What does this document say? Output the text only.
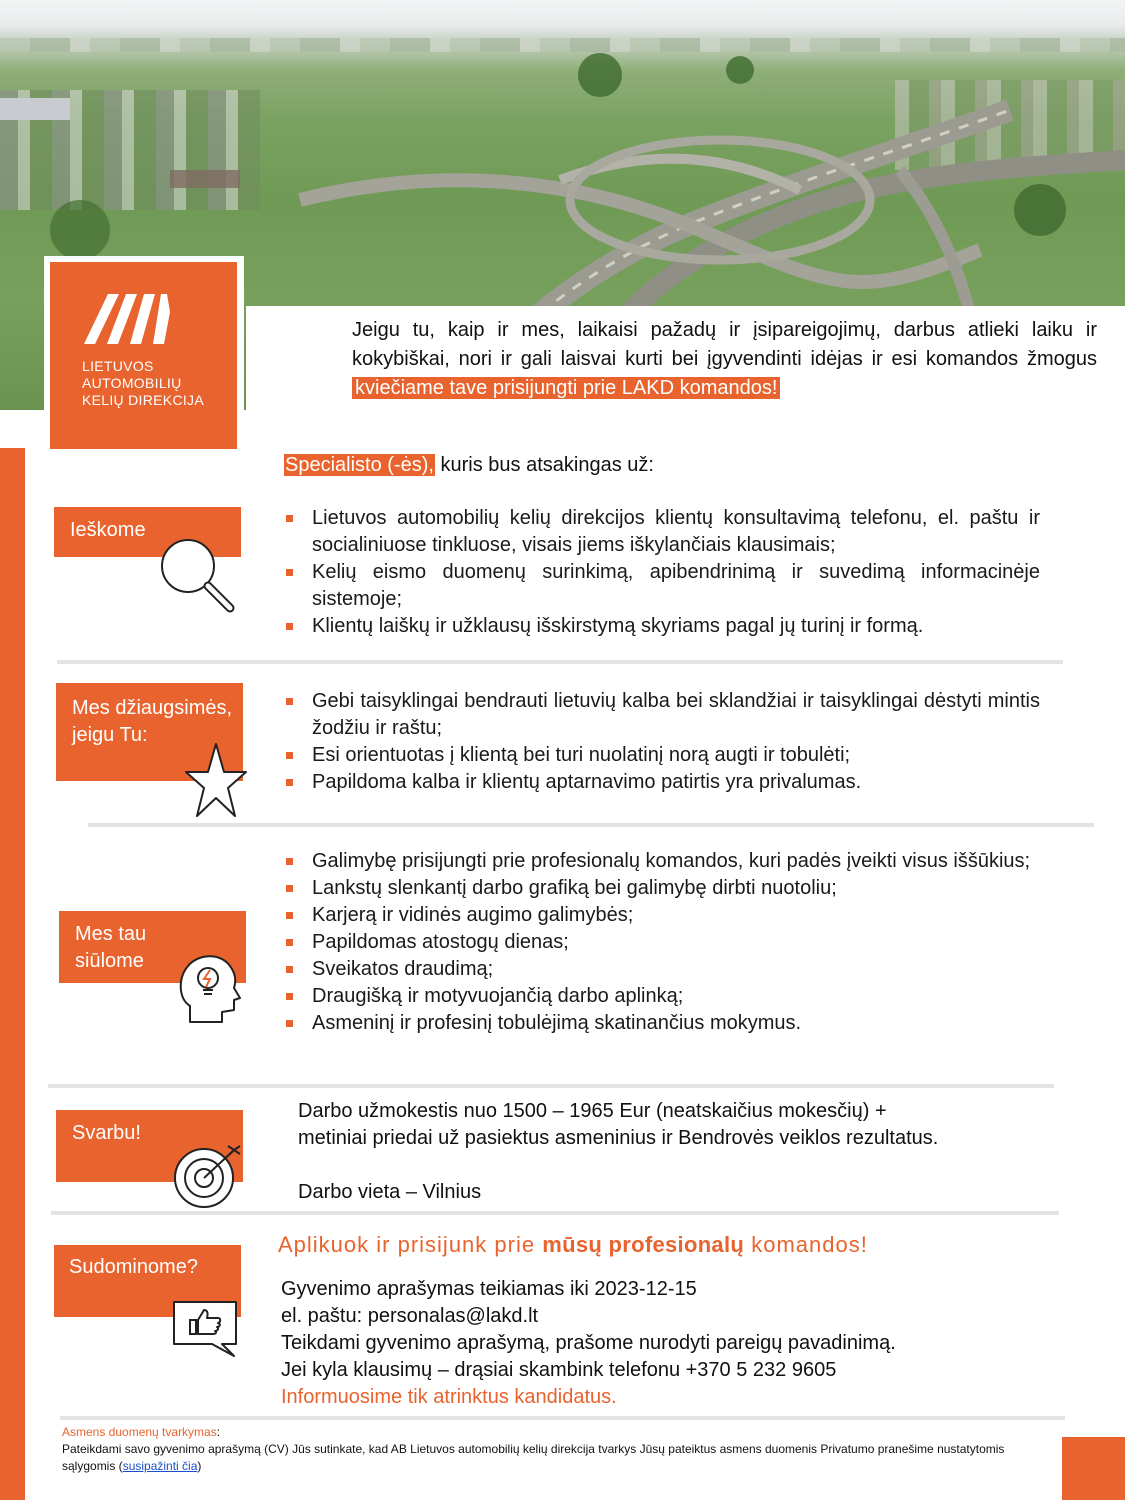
LIETUVOS
AUTOMOBILIŲ
KELIŲ DIREKCIJA
Jeigu tu, kaip ir mes, laikaisi pažadų ir įsipareigojimų, darbus atlieki laiku ir kokybiškai, nori ir gali laisvai kurti bei įgyvendinti idėjas ir esi komandos žmogus kviečiame tave prisijungti prie LAKD komandos!
Specialisto (-ės), kuris bus atsakingas už:
Ieškome
Lietuvos automobilių kelių direkcijos klientų konsultavimą telefonu, el. paštu ir socialiniuose tinkluose, visais jiems iškylančiais klausimais;
Kelių eismo duomenų surinkimą, apibendrinimą ir suvedimą informacinėje sistemoje;
Klientų laiškų ir užklausų išskirstymą skyriams pagal jų turinį ir formą.
Mes džiaugsimės, jeigu Tu:
Gebi taisyklingai bendrauti lietuvių kalba bei sklandžiai ir taisyklingai dėstyti mintis žodžiu ir raštu;
Esi orientuotas į klientą bei turi nuolatinį norą augti ir tobulėti;
Papildoma kalba ir klientų aptarnavimo patirtis yra privalumas.
Galimybę prisijungti prie profesionalų komandos, kuri padės įveikti visus iššūkius;
Lankstų slenkantį darbo grafiką bei galimybę dirbti nuotoliu;
Karjerą ir vidinės augimo galimybės;
Papildomas atostogų dienas;
Sveikatos draudimą;
Draugišką ir motyvuojančią darbo aplinką;
Asmeninį ir profesinį tobulėjimą skatinančius mokymus.
Mes tau siūlome
Svarbu!
Darbo užmokestis nuo 1500 – 1965 Eur (neatskaičius mokesčių) +
metiniai priedai už pasiektus asmeninius ir Bendrovės veiklos rezultatus.
Darbo vieta – Vilnius
Aplikuok ir prisijunk prie mūsų profesionalų komandos!
Sudominome?
Gyvenimo aprašymas teikiamas iki 2023-12-15
el. paštu: personalas@lakd.lt
Teikdami gyvenimo aprašymą, prašome nurodyti pareigų pavadinimą.
Jei kyla klausimų – drąsiai skambink telefonu +370 5 232 9605
Informuosime tik atrinktus kandidatus.
Asmens duomenų tvarkymas:
Pateikdami savo gyvenimo aprašymą (CV) Jūs sutinkate, kad AB Lietuvos automobilių kelių direkcija tvarkys Jūsų pateiktus asmens duomenis Privatumo pranešime nustatytomis sąlygomis (susipažinti čia)
